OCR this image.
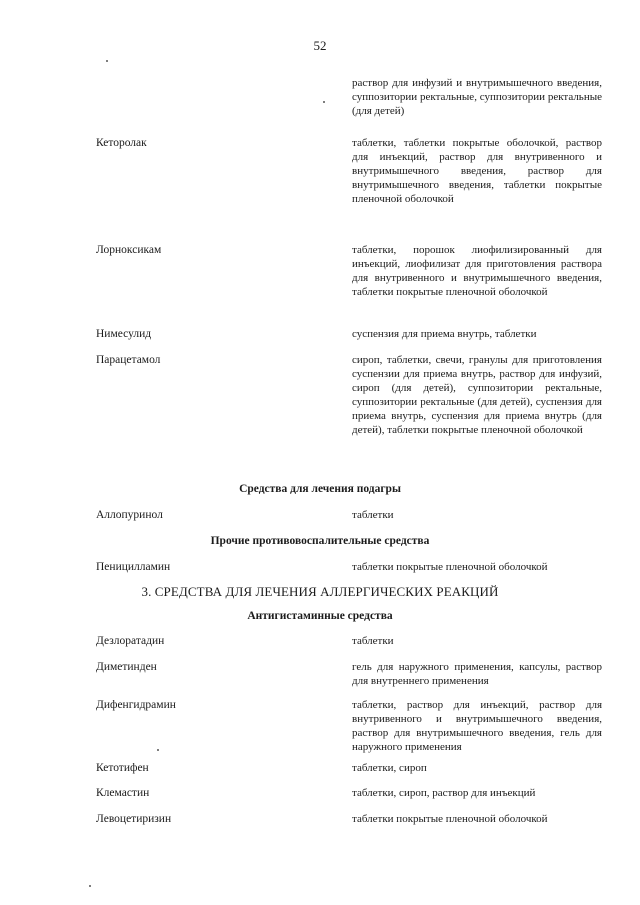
52
раствор для инфузий и внутримышечного введения, суппозитории ректальные, суппозитории ректальные (для детей)
Кеторолак	таблетки, таблетки покрытые оболочкой, раствор для инъекций, раствор для внутривенного и внутримышечного введения, раствор для внутримышечного введения, таблетки покрытые пленочной оболочкой
Лорноксикам	таблетки, порошок лиофилизированный для инъекций, лиофилизат для приготовления раствора для внутривенного и внутримышечного введения, таблетки покрытые пленочной оболочкой
Нимесулид	суспензия для приема внутрь, таблетки
Парацетамол	сироп, таблетки, свечи, гранулы для приготовления суспензии для приема внутрь, раствор для инфузий, сироп (для детей), суппозитории ректальные, суппозитории ректальные (для детей), суспензия для приема внутрь, суспензия для приема внутрь (для детей), таблетки покрытые пленочной оболочкой
Средства для лечения подагры
Аллопуринол	таблетки
Прочие противовоспалительные средства
Пеницилламин	таблетки покрытые пленочной оболочкой
3. СРЕДСТВА ДЛЯ ЛЕЧЕНИЯ АЛЛЕРГИЧЕСКИХ РЕАКЦИЙ
Антигистаминные средства
Дезлоратадин	таблетки
Диметинден	гель для наружного применения, капсулы, раствор для внутреннего применения
Дифенгидрамин	таблетки, раствор для инъекций, раствор для внутривенного и внутримышечного введения, раствор для внутримышечного введения, гель для наружного применения
Кетотифен	таблетки, сироп
Клемастин	таблетки, сироп, раствор для инъекций
Левоцетиризин	таблетки покрытые пленочной оболочкой
